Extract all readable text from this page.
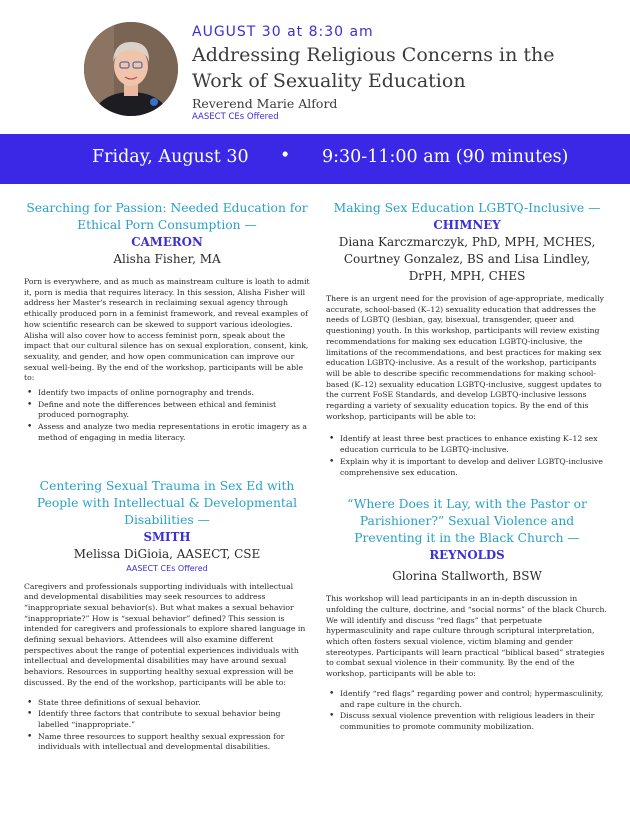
AUGUST 30 at 8:30 am
Addressing Religious Concerns in the
Work of Sexuality Education
Reverend Marie Alford
AASECT CEs Offered
Friday, August 30 • 9:30-11:00 am (90 minutes)
Searching for Passion: Needed Education for Ethical Porn Consumption —
CAMERON
Alisha Fisher, MA

Porn is everywhere, and as much as mainstream culture is loath to admit it, porn is media that requires literacy. In this session, Alisha Fisher will address her Master's research in reclaiming sexual agency through ethically produced porn in a feminist framework, and reveal examples of how scientific research can be skewed to support various ideologies. Alisha will also cover how to access feminist porn, speak about the impact that our cultural silence has on sexual exploration, consent, kink, sexuality, and gender, and how open communication can improve our sexual well-being. By the end of the workshop, participants will be able to:

• Identify two impacts of online pornography and trends.
• Define and note the differences between ethical and feminist produced pornography.
• Assess and analyze two media representations in erotic imagery as a method of engaging in media literacy.
Centering Sexual Trauma in Sex Ed with People with Intellectual & Developmental Disabilities —
SMITH
Melissa DiGioia, AASECT, CSE
AASECT CEs Offered

Caregivers and professionals supporting individuals with intellectual and developmental disabilities may seek resources to address “inappropriate sexual behavior(s). But what makes a sexual behavior “inappropriate?” How is “sexual behavior” defined? This session is intended for caregivers and professionals to explore shared language in defining sexual behaviors. Attendees will also examine different perspectives about the range of potential experiences individuals with intellectual and developmental disabilities may have around sexual behaviors. Resources in supporting healthy sexual expression will be discussed. By the end of the workshop, participants will be able to:

• State three definitions of sexual behavior.
• Identify three factors that contribute to sexual behavior being labelled “inappropriate.”
• Name three resources to support healthy sexual expression for individuals with intellectual and developmental disabilities.
Making Sex Education LGBTQ-Inclusive —
CHIMNEY
Diana Karczmarczyk, PhD, MPH, MCHES,
Courtney Gonzalez, BS and Lisa Lindley,
DrPH, MPH, CHES

There is an urgent need for the provision of age-appropriate, medically accurate, school-based (K–12) sexuality education that addresses the needs of LGBTQ (lesbian, gay, bisexual, transgender, queer and questioning) youth. In this workshop, participants will review existing recommendations for making sex education LGBTQ-inclusive, the limitations of the recommendations, and best practices for making sex education LGBTQ-inclusive. As a result of the workshop, participants will be able to describe specific recommendations for making school-based (K–12) sexuality education LGBTQ-inclusive, suggest updates to the current FoSE Standards, and develop LGBTQ-inclusive lessons regarding a variety of sexuality education topics. By the end of this workshop, participants will be able to:

• Identify at least three best practices to enhance existing K–12 sex education curricula to be LGBTQ-inclusive.
• Explain why it is important to develop and deliver LGBTQ-inclusive comprehensive sex education.
“Where Does it Lay, with the Pastor or Parishioner?” Sexual Violence and Preventing it in the Black Church — REYNOLDS
Glorina Stallworth, BSW

This workshop will lead participants in an in-depth discussion in unfolding the culture, doctrine, and “social norms” of the black Church. We will identify and discuss “red flags” that perpetuate hypermasculinity and rape culture through scriptural interpretation, which often fosters sexual violence, victim blaming and gender stereotypes. Participants will learn practical “biblical based” strategies to combat sexual violence in their community. By the end of the workshop, participants will be able to:

• Identify “red flags” regarding power and control; hypermasculinity, and rape culture in the church.
• Discuss sexual violence prevention with religious leaders in their communities to promote community mobilization.
